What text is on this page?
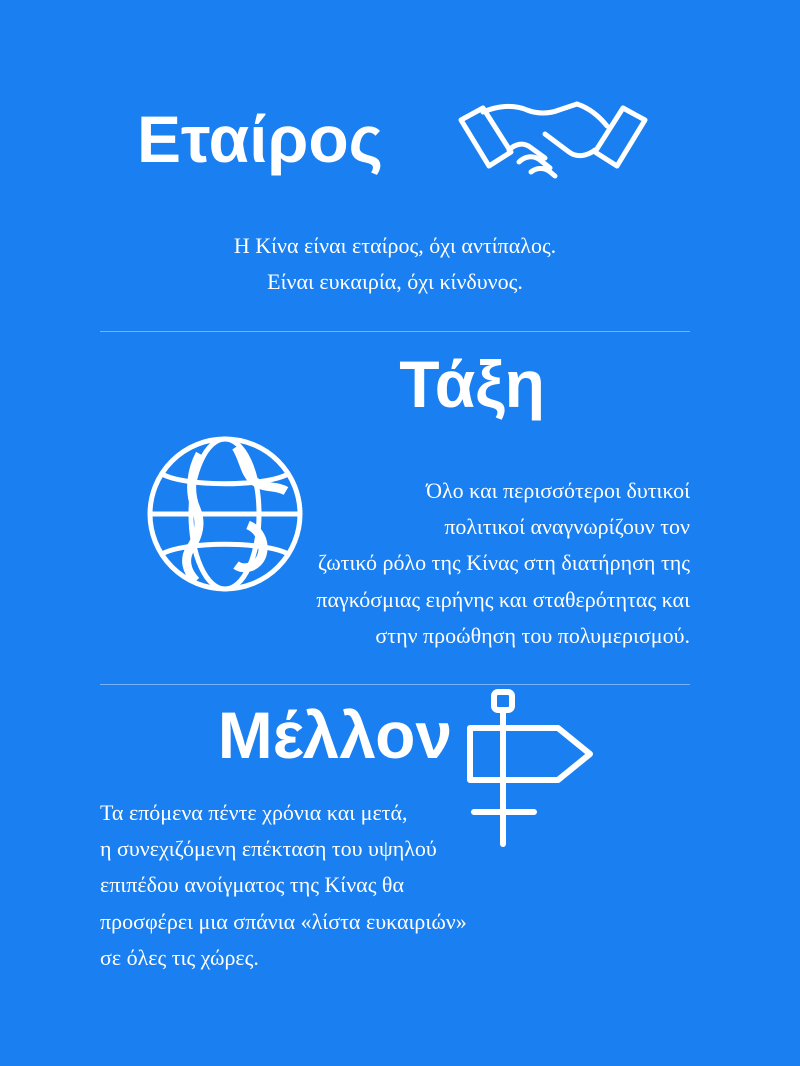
Εταίρος
Η Κίνα είναι εταίρος, όχι αντίπαλος.
Είναι ευκαιρία, όχι κίνδυνος.
Τάξη
Όλο και περισσότεροι δυτικοί
πολιτικοί αναγνωρίζουν τον
ζωτικό ρόλο της Κίνας στη διατήρηση της
παγκόσμιας ειρήνης και σταθερότητας και
στην προώθηση του πολυμερισμού.
Μέλλον
Τα επόμενα πέντε χρόνια και μετά,
η συνεχιζόμενη επέκταση του υψηλού
επιπέδου ανοίγματος της Κίνας θα
προσφέρει μια σπάνια «λίστα ευκαιριών»
σε όλες τις χώρες.
